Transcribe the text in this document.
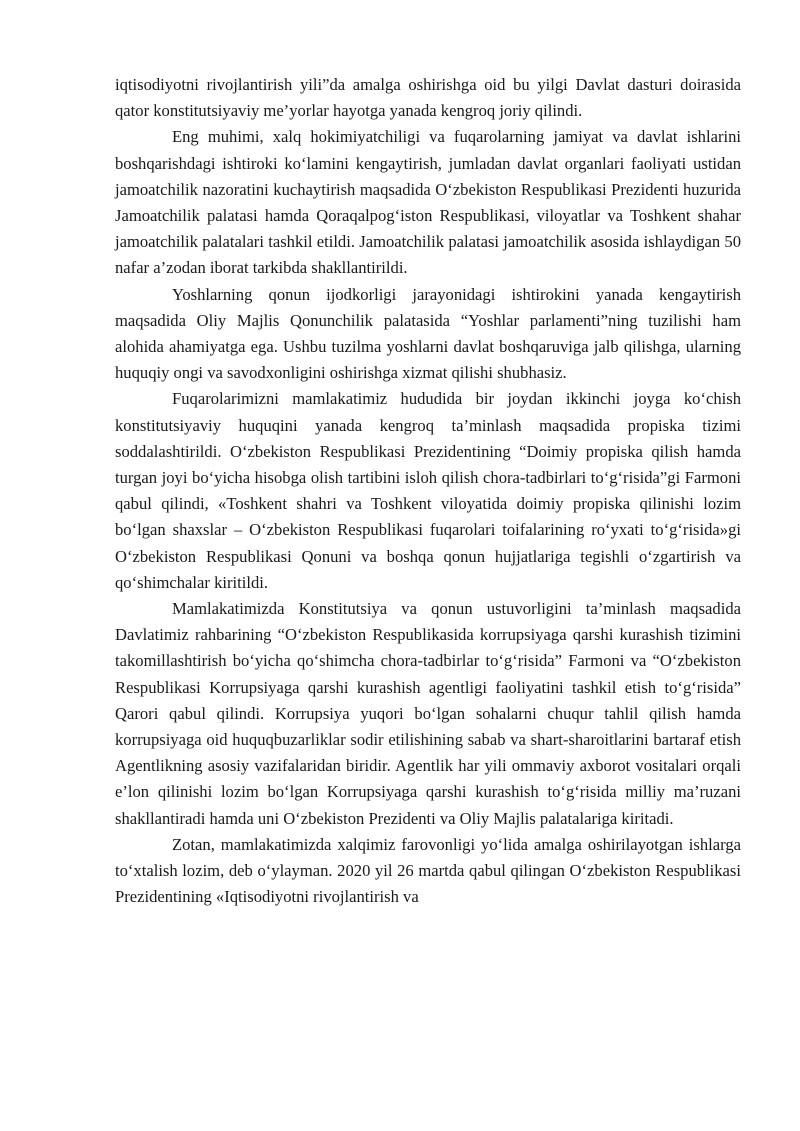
iqtisodiyotni rivojlantirish yili”da amalga oshirishga oid bu yilgi Davlat dasturi doirasida qator konstitutsiyaviy me’yorlar hayotga yanada kengroq joriy qilindi.

Eng muhimi, xalq hokimiyatchiligi va fuqarolarning jamiyat va davlat ishlarini boshqarishdagi ishtiroki ko‘lamini kengaytirish, jumladan davlat organlari faoliyati ustidan jamoatchilik nazoratini kuchaytirish maqsadida O‘zbekiston Respublikasi Prezidenti huzurida Jamoatchilik palatasi hamda Qoraqalpog‘iston Respublikasi, viloyatlar va Toshkent shahar jamoatchilik palatalari tashkil etildi. Jamoatchilik palatasi jamoatchilik asosida ishlaydigan 50 nafar a’zodan iborat tarkibda shakllantirildi.

Yoshlarning qonun ijodkorligi jarayonidagi ishtirokini yanada kengaytirish maqsadida Oliy Majlis Qonunchilik palatasida “Yoshlar parlamenti”ning tuzilishi ham alohida ahamiyatga ega. Ushbu tuzilma yoshlarni davlat boshqaruviga jalb qilishga, ularning huquqiy ongi va savodxonligini oshirishga xizmat qilishi shubhasiz.

Fuqarolarimizni mamlakatimiz hududida bir joydan ikkinchi joyga ko‘chish konstitutsiyaviy huquqini yanada kengroq ta’minlash maqsadida propiska tizimi soddalashtirildi. O‘zbekiston Respublikasi Prezidentining “Doimiy propiska qilish hamda turgan joyi bo‘yicha hisobga olish tartibini isloh qilish chora-tadbirlari to‘g‘risida”gi Farmoni qabul qilindi, «Toshkent shahri va Toshkent viloyatida doimiy propiska qilinishi lozim bo‘lgan shaxslar – O‘zbekiston Respublikasi fuqarolari toifalarining ro‘yxati to‘g‘risida»gi O‘zbekiston Respublikasi Qonuni va boshqa qonun hujjatlariga tegishli o‘zgartirish va qo‘shimchalar kiritildi.

Mamlakatimizda Konstitutsiya va qonun ustuvorligini ta’minlash maqsadida Davlatimiz rahbarining “O‘zbekiston Respublikasida korrupsiyaga qarshi kurashish tizimini takomillashtirish bo‘yicha qo‘shimcha chora-tadbirlar to‘g‘risida” Farmoni va “O‘zbekiston Respublikasi Korrupsiyaga qarshi kurashish agentligi faoliyatini tashkil etish to‘g‘risida” Qarori qabul qilindi. Korrupsiya yuqori bo‘lgan sohalarni chuqur tahlil qilish hamda korrupsiyaga oid huquqbuzarliklar sodir etilishining sabab va shart-sharoitlarini bartaraf etish Agentlikning asosiy vazifalaridan biridir. Agentlik har yili ommaviy axborot vositalari orqali e’lon qilinishi lozim bo‘lgan Korrupsiyaga qarshi kurashish to‘g‘risida milliy ma’ruzani shakllantiradi hamda uni O‘zbekiston Prezidenti va Oliy Majlis palatalariga kiritadi.

Zotan, mamlakatimizda xalqimiz farovonligi yo‘lida amalga oshirilayotgan ishlarga to‘xtalish lozim, deb o‘ylayman. 2020 yil 26 martda qabul qilingan O‘zbekiston Respublikasi Prezidentining «Iqtisodiyotni rivojlantirish va
